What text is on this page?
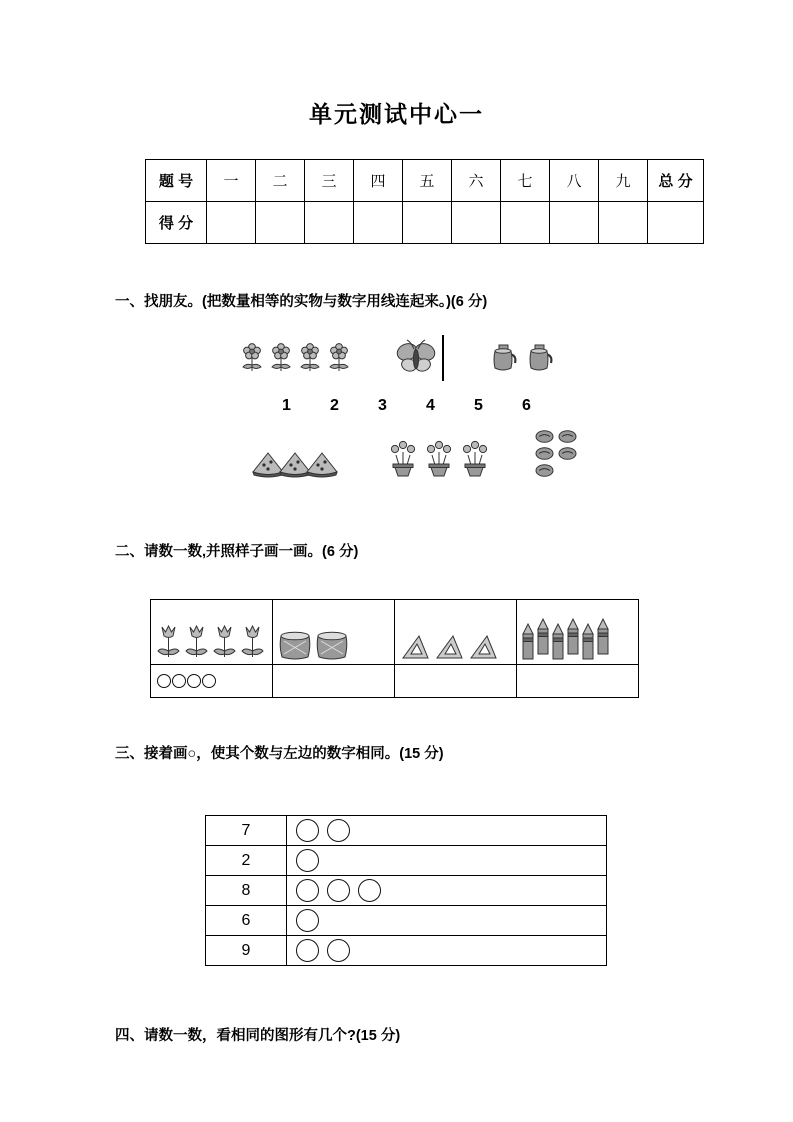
单元测试中心一
题 号	一	二	三	四	五	六	七	八	九	总 分
得 分										

一、找朋友。(把数量相等的实物与数字用线连起来。)(6 分)

1	2	3	4	5	6

二、请数一数,并照样子画一画。(6 分)

三、接着画○，使其个数与左边的数字相同。(15 分)

7	

2	

8	

6	

9	

四、请数一数，看相同的图形有几个?(15 分)
